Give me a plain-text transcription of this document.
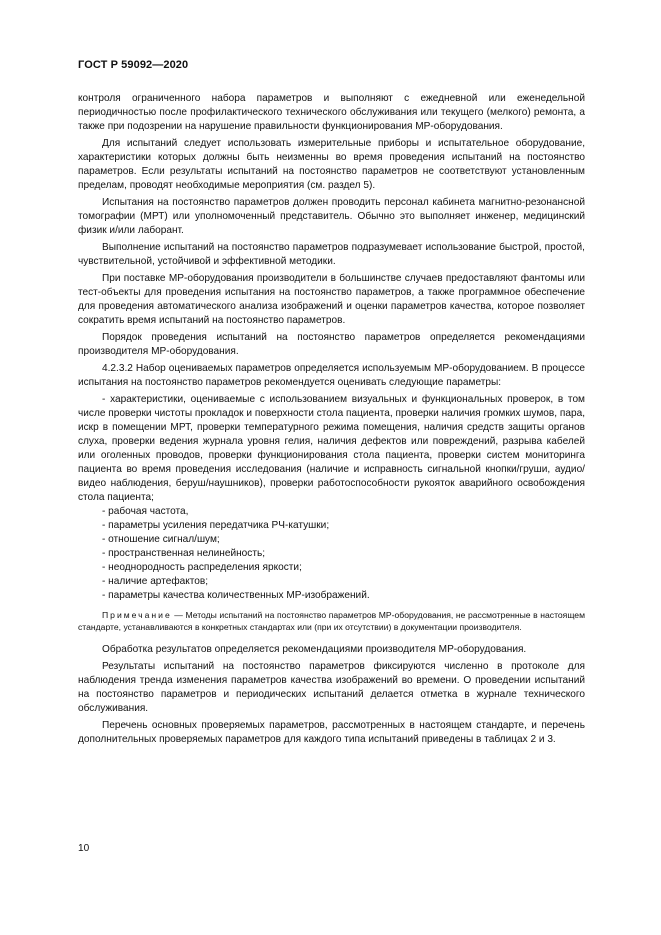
ГОСТ Р 59092—2020

контроля ограниченного набора параметров и выполняют с ежедневной или еженедельной периодичностью после профилактического технического обслуживания или текущего (мелкого) ремонта, а также при подозрении на нарушение правильности функционирования МР-оборудования.

Для испытаний следует использовать измерительные приборы и испытательное оборудование, характеристики которых должны быть неизменны во время проведения испытаний на постоянство параметров. Если результаты испытаний на постоянство параметров не соответствуют установленным пределам, проводят необходимые мероприятия (см. раздел 5).

Испытания на постоянство параметров должен проводить персонал кабинета магнитно-резонансной томографии (МРТ) или уполномоченный представитель. Обычно это выполняет инженер, медицинский физик и/или лаборант.

Выполнение испытаний на постоянство параметров подразумевает использование быстрой, простой, чувствительной, устойчивой и эффективной методики.

При поставке МР-оборудования производители в большинстве случаев предоставляют фантомы или тест-объекты для проведения испытания на постоянство параметров, а также программное обеспечение для проведения автоматического анализа изображений и оценки параметров качества, которое позволяет сократить время испытаний на постоянство параметров.

Порядок проведения испытаний на постоянство параметров определяется рекомендациями производителя МР-оборудования.

4.2.3.2 Набор оцениваемых параметров определяется используемым МР-оборудованием. В процессе испытания на постоянство параметров рекомендуется оценивать следующие параметры:

- характеристики, оцениваемые с использованием визуальных и функциональных проверок, в том числе проверки чистоты прокладок и поверхности стола пациента, проверки наличия громких шумов, пара, искр в помещении МРТ, проверки температурного режима помещения, наличия средств защиты органов слуха, проверки ведения журнала уровня гелия, наличия дефектов или повреждений, разрыва кабелей или оголенных проводов, проверки функционирования стола пациента, проверки систем мониторинга пациента во время проведения исследования (наличие и исправность сигнальной кнопки/груши, аудио/видео наблюдения, беруш/наушников), проверки работоспособности рукояток аварийного освобождения стола пациента;
- рабочая частота,
- параметры усиления передатчика РЧ-катушки;
- отношение сигнал/шум;
- пространственная нелинейность;
- неоднородность распределения яркости;
- наличие артефактов;
- параметры качества количественных МР-изображений.

Примечание — Методы испытаний на постоянство параметров МР-оборудования, не рассмотренные в настоящем стандарте, устанавливаются в конкретных стандартах или (при их отсутствии) в документации производителя.

Обработка результатов определяется рекомендациями производителя МР-оборудования.

Результаты испытаний на постоянство параметров фиксируются численно в протоколе для наблюдения тренда изменения параметров качества изображений во времени. О проведении испытаний на постоянство параметров и периодических испытаний делается отметка в журнале технического обслуживания.

Перечень основных проверяемых параметров, рассмотренных в настоящем стандарте, и перечень дополнительных проверяемых параметров для каждого типа испытаний приведены в таблицах 2 и 3.

10
